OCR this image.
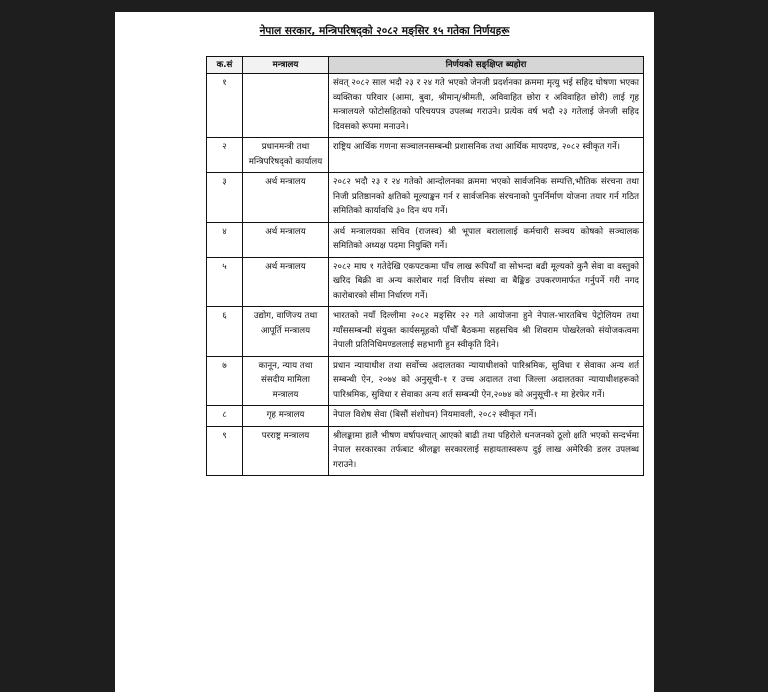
नेपाल सरकार, मन्त्रिपरिषद्को २०८२ मङ्सिर १५ गतेका निर्णयहरू
क.सं	मन्त्रालय	निर्णयको सङ्क्षिप्त ब्यहोरा
१		संवत् २०८२ साल भदौ २३ र २४ गते भएको जेनजी प्रदर्शनका क्रममा मृत्यु भई सहिद घोषणा भएका व्यक्तिका परिवार (आमा, बुवा, श्रीमान्/श्रीमती, अविवाहित छोरा र अविवाहित छोरी) लाई गृह मन्त्रालयले फोटोसहितको परिचयपत्र उपलब्ध गराउने। प्रत्येक वर्ष भदौ २३ गतेलाई जेनजी सहिद दिवसको रूपमा मनाउने।
२	प्रधानमन्त्री तथा मन्त्रिपरिषद्को कार्यालय	राष्ट्रिय आर्थिक गणना सञ्चालनसम्बन्धी प्रशासनिक तथा आर्थिक मापदण्ड, २०८२ स्वीकृत गर्ने।
३	अर्थ मन्त्रालय	२०८२ भदौ २३ र २४ गतेको आन्दोलनका क्रममा भएको सार्वजनिक सम्पत्ति,भौतिक संरचना तथा निजी प्रतिष्ठानको क्षतिको मूल्याङ्कन गर्न र सार्वजनिक संरचनाको पुनर्निर्माण योजना तयार गर्न गठित समितिको कार्यावधि ३० दिन थप गर्ने।
४	अर्थ मन्त्रालय	अर्थ मन्त्रालयका सचिव (राजस्व) श्री भूपाल बरालालाई कर्मचारी सञ्चय कोषको सञ्चालक समितिको अध्यक्ष पदमा नियुक्ति गर्ने।
५	अर्थ मन्त्रालय	२०८२ माघ १ गतेदेखि एकपटकमा पाँच लाख रूपियाँ वा सोभन्दा बढी मूल्यको कुनै सेवा वा वस्तुको खरिद बिक्री वा अन्य कारोबार गर्दा वित्तीय संस्था वा बैङ्किङ उपकरणमार्फत गर्नुपर्ने गरी नगद कारोबारको सीमा निर्धारण गर्ने।
६	उद्योग, वाणिज्य तथा आपूर्ति मन्त्रालय	भारतको नयाँ दिल्लीमा २०८२ मङ्सिर २२ गते आयोजना हुने नेपाल-भारतबिच पेट्रोलियम तथा ग्याँससम्बन्धी संयुक्त कार्यसमूहको पाँचौँ बैठकमा सहसचिव श्री शिवराम पोखरेलको संयोजकत्वमा नेपाली प्रतिनिधिमण्डललाई सहभागी हुन स्वीकृति दिने।
७	कानून, न्याय तथा संसदीय मामिला मन्त्रालय	प्रधान न्यायाधीश तथा सर्वोच्च अदालतका न्यायाधीशको पारिश्रमिक, सुविधा र सेवाका अन्य शर्त सम्बन्धी ऐन, २०७४ को अनुसूची-१ र उच्च अदालत तथा जिल्ला अदालतका न्यायाधीशहरूको पारिश्रमिक, सुविधा र सेवाका अन्य शर्त सम्बन्धी ऐन,२०७४ को अनुसूची-१ मा हेरफेर गर्ने।
८	गृह मन्त्रालय	नेपाल विशेष सेवा (बिसौं संशोधन) नियमावली, २०८२ स्वीकृत गर्ने।
९	परराष्ट्र मन्त्रालय	श्रीलङ्कामा हालै भीषण वर्षापश्चात् आएको बाढी तथा पहिरोले धनजनको ठूलो क्षति भएको सन्दर्भमा नेपाल सरकारका तर्फबाट श्रीलङ्का सरकारलाई सहायतास्वरूप दुई लाख अमेरिकी डलर उपलब्ध गराउने।
